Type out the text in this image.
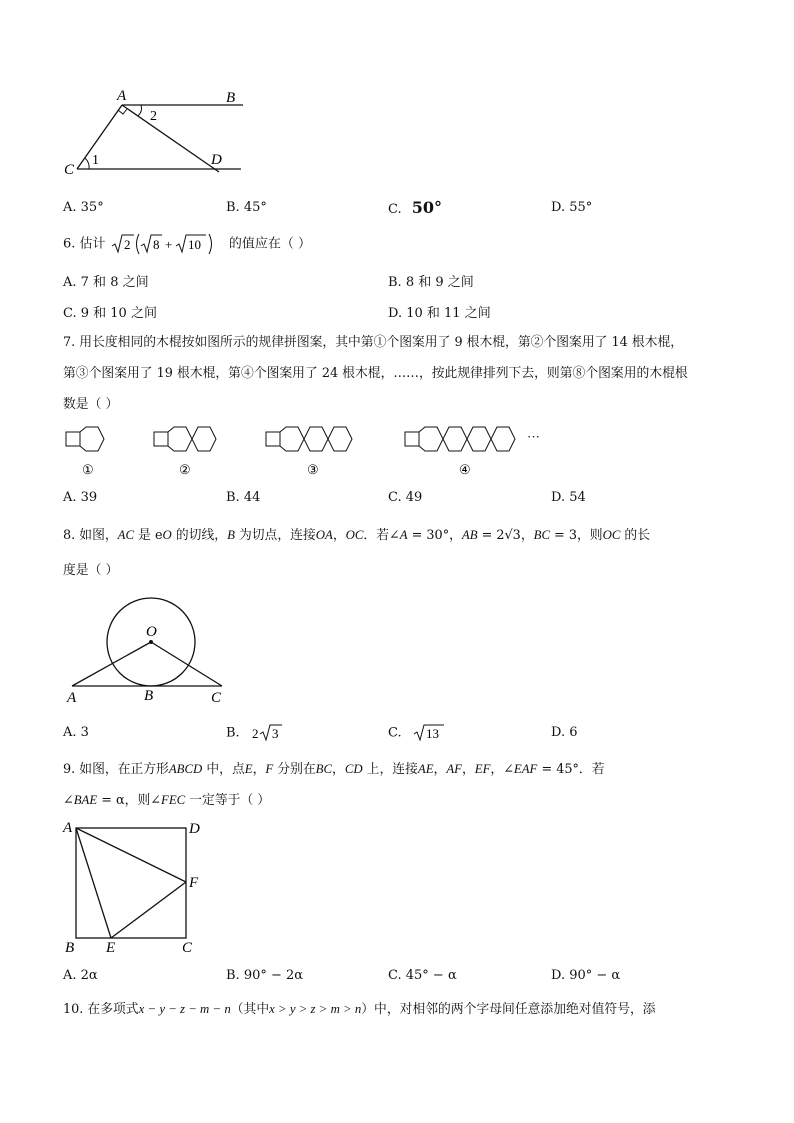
A	B
C
D
1
2
A. 35°	B. 45°	C. 50°	D. 55°
6. 估计 2 8 + 10 的值应在（ ）
A. 7 和 8 之间	B. 8 和 9 之间
C. 9 和 10 之间	D. 10 和 11 之间
7. 用长度相同的木棍按如图所示的规律拼图案，其中第①个图案用了 9 根木棍，第②个图案用了 14 根木棍，
第③个图案用了 19 根木棍，第④个图案用了 24 根木棍，……，按此规律排列下去，则第⑧个图案用的木棍根
数是（ ）
···
①	②	③	④
A. 39	B. 44	C. 49	D. 54
8. 如图，AC 是 eO 的切线，B 为切点，连接OA，OC．若∠A = 30°，AB = 2√3，BC = 3，则OC 的长
度是（ ）
O
A	B	C
A. 3	B. 2 3	C. 13	D. 6
9. 如图，在正方形ABCD 中，点E，F 分别在BC，CD 上，连接AE，AF，EF，∠EAF = 45°．若
∠BAE = α，则∠FEC 一定等于（ ）
A	D
F
B E	C
A. 2α	B. 90° − 2α	C. 45° − α	D. 90° − α
10. 在多项式x − y − z − m − n（其中x > y > z > m > n）中，对相邻的两个字母间任意添加绝对值符号，添
